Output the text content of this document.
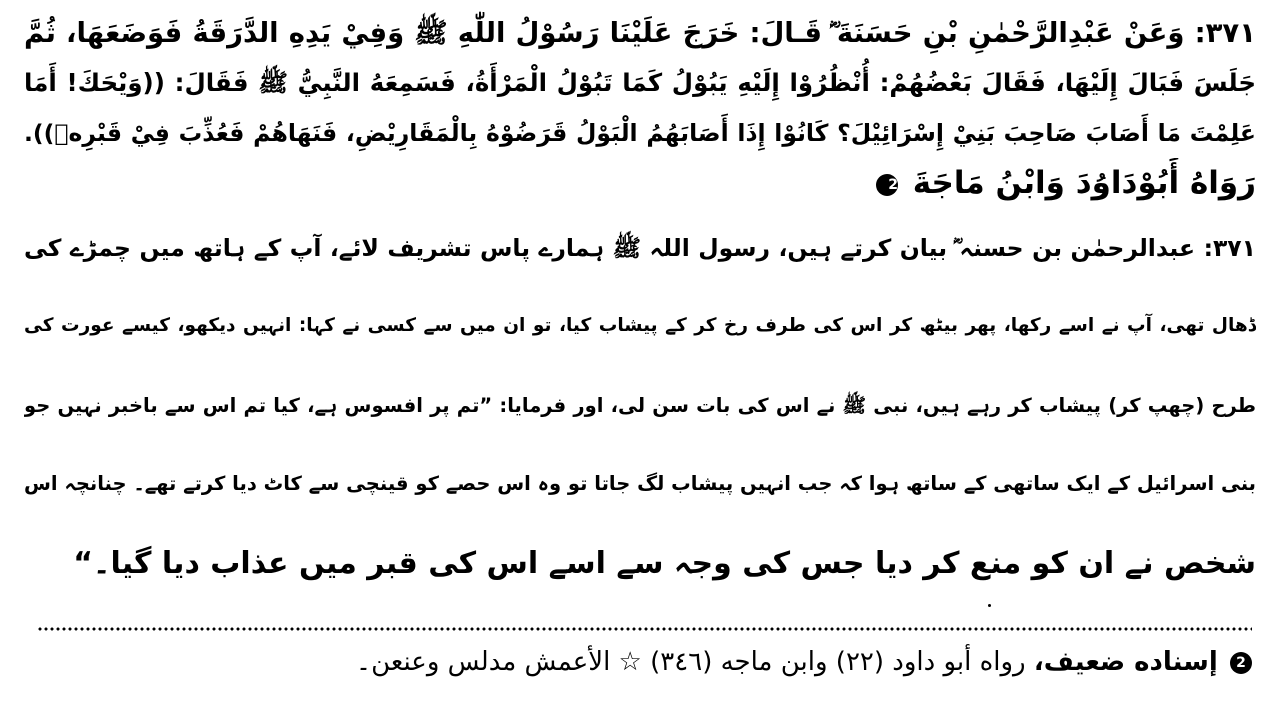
٣٧١: وَعَنْ عَبْدِالرَّحْمٰنِ بْنِ حَسَنَةَ ؓ قَـالَ: خَرَجَ عَلَيْنَا رَسُوْلُ اللّٰهِ ﷺ وَفِيْ يَدِهِ الدَّرَقَةُ فَوَضَعَهَا، ثُمَّ
جَلَسَ فَبَالَ إِلَيْهَا، فَقَالَ بَعْضُهُمْ: أُنْظُرُوْا إِلَيْهِ يَبُوْلُ كَمَا تَبُوْلُ الْمَرْأَةُ، فَسَمِعَهُ النَّبِيُّ ﷺ فَقَالَ: ((وَيْحَكَ! أَمَا
عَلِمْتَ مَا أَصَابَ صَاحِبَ بَنِيْ إِسْرَائِيْلَ؟ كَانُوْا إِذَا أَصَابَهُمُ الْبَوْلُ قَرَضُوْهُ بِالْمَقَارِيْضِ، فَنَهَاهُمْ فَعُذِّبَ فِيْ قَبْرِهٖ)).
رَوَاهُ أَبُوْدَاوُدَ وَابْنُ مَاجَةَ 2
۳۷۱: عبدالرحمٰن بن حسنہ ؓ بیان کرتے ہیں، رسول اللہ ﷺ ہمارے پاس تشریف لائے، آپ کے ہاتھ میں چمڑے کی
ڈھال تھی، آپ نے اسے رکھا، پھر بیٹھ کر اس کی طرف رخ کر کے پیشاب کیا، تو ان میں سے کسی نے کہا: انہیں دیکھو، کیسے عورت کی
طرح (چھپ کر) پیشاب کر رہے ہیں، نبی ﷺ نے اس کی بات سن لی، اور فرمایا: ”تم پر افسوس ہے، کیا تم اس سے باخبر نہیں جو
بنی اسرائیل کے ایک ساتھی کے ساتھ ہوا کہ جب انہیں پیشاب لگ جاتا تو وہ اس حصے کو قینچی سے کاٹ دیا کرتے تھے۔ چنانچہ اس
شخص نے ان کو منع کر دیا جس کی وجہ سے اسے اس کی قبر میں عذاب دیا گیا۔“
2 إسناده ضعيف، رواه أبو داود (٢٢) وابن ماجه (٣٤٦) ☆ الأعمش مدلس وعنعن۔
